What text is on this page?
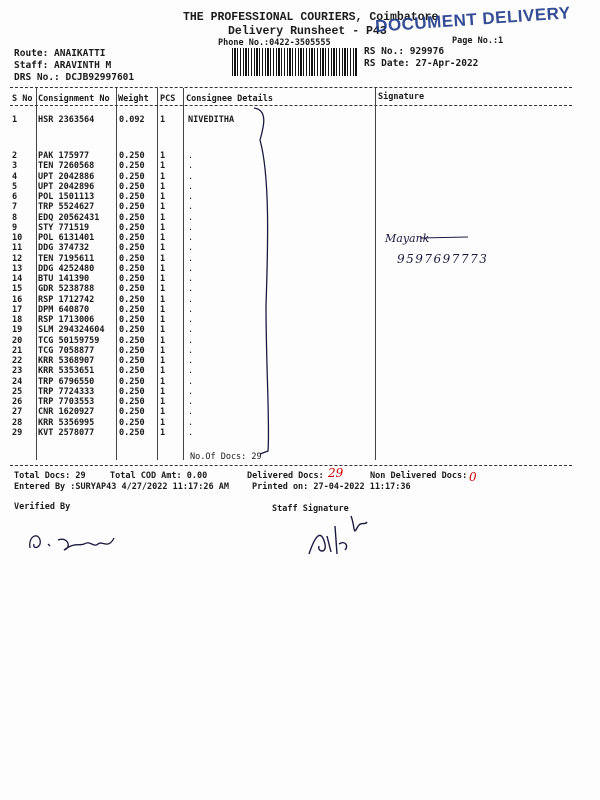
THE PROFESSIONAL COURIERS, Coimbatore
Delivery Runsheet - P43
Phone No.:0422-3505555	Page No.:1
DOCUMENT DELIVERY
Route: ANAIKATTI
Staff: ARAVINTH M
DRS No.: DCJB92997601
RS No.: 929976
RS Date: 27-Apr-2022
S No Consignment No Weight PCS Consignee Details	Signature
1 HSR 2363564	0.092 1	NIVEDITHA
2 PAK 175977	0.250 1	.
3 TEN 7260568	0.250 1	.
4 UPT 2042886	0.250 1	.
5 UPT 2042896	0.250 1	.
6 POL 1501113	0.250 1	.
7 TRP 5524627	0.250 1	.
8 EDQ 20562431 0.250 1	.
9 STY 771519	0.250 1	.
10 POL 6131401	0.250 1	.
11 DDG 374732	0.250 1	.
12 TEN 7195611	0.250 1	.
13 DDG 4252480	0.250 1	.
14 BTU 141390	0.250 1	.
15 GDR 5238788	0.250 1	.
16 RSP 1712742	0.250 1	.
17 DPM 640870	0.250 1	.
18 RSP 1713006	0.250 1	.
19 SLM 294324604 0.250 1	.
20 TCG 50159759 0.250 1	.
21 TCG 7058877	0.250 1	.
22 KRR 5368907	0.250 1	.
23 KRR 5353651	0.250 1	.
24 TRP 6796550	0.250 1	.
25 TRP 7724333	0.250 1	.
26 TRP 7703553	0.250 1	.
27 CNR 1620927	0.250 1	.
28 KRR 5356995	0.250 1	.
29 KVT 2578077	0.250 1	.
No.Of Docs: 29
Mayank
9597697773
Total Docs: 29	Total COD Amt: 0.00	Delivered Docs: 29	Non Delivered Docs: 0
Entered By :SURYAP43 4/27/2022 11:17:26 AM	Printed on: 27-04-2022 11:17:36
Verified By	Staff Signature
